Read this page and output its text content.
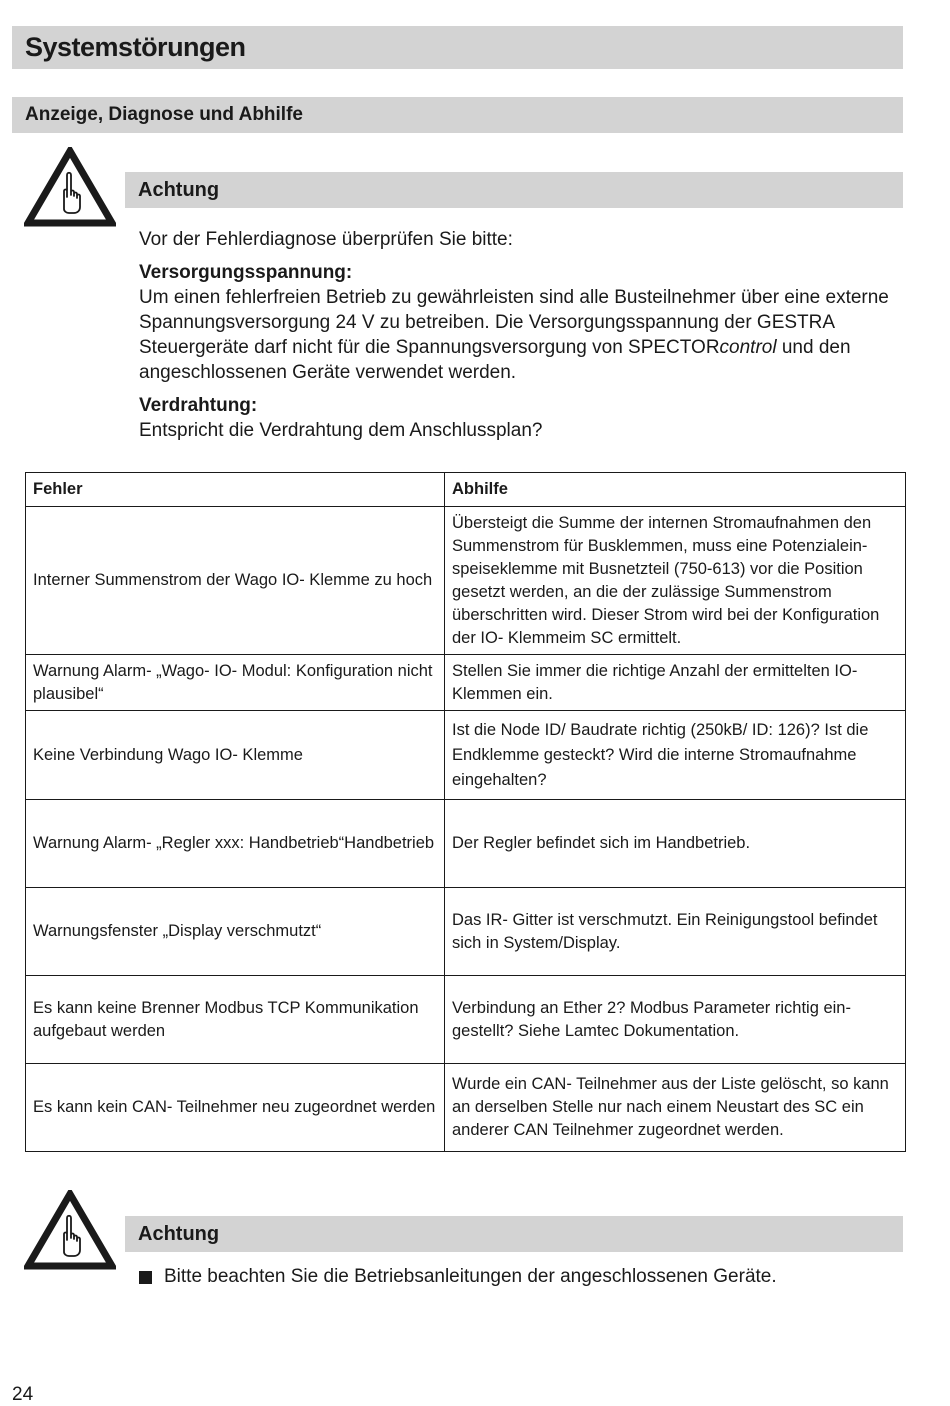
Systemstörungen
Anzeige, Diagnose und Abhilfe
Achtung

Vor der Fehlerdiagnose überprüfen Sie bitte:

Versorgungsspannung:

Um einen fehlerfreien Betrieb zu gewährleisten sind alle Busteilnehmer über eine externe Spannungsversorgung 24 V zu betreiben. Die Versorgungsspannung der GESTRA Steuergeräte darf nicht für die Spannungsversorgung von SPECTORcontrol und den angeschlossenen Geräte verwendet werden.

Verdrahtung:

Entspricht die Verdrahtung dem Anschlussplan?

Fehler	Abhilfe
Interner Summenstrom der Wago IO- Klemme zu hoch	Übersteigt die Summe der internen Stromaufnahmen den Summenstrom für Busklemmen, muss eine Potenzialein-speiseklemme mit Busnetzteil (750-613) vor die Position gesetzt werden, an die der zulässige Summenstrom überschritten wird. Dieser Strom wird bei der Konfiguration der IO- Klemmeim SC ermittelt.
Warnung Alarm- „Wago- IO- Modul: Konfiguration nicht plausibel“	Stellen Sie immer die richtige Anzahl der ermittelten IO- Klemmen ein.
Keine Verbindung Wago IO- Klemme	Ist die Node ID/ Baudrate richtig (250kB/ ID: 126)? Ist die Endklemme gesteckt? Wird die interne Stromaufnahme eingehalten?
Warnung Alarm- „Regler xxx: Handbetrieb“Handbetrieb	Der Regler befindet sich im Handbetrieb.
Warnungsfenster „Display verschmutzt“	Das IR- Gitter ist verschmutzt. Ein Reinigungstool befindet sich in System/Display.
Es kann keine Brenner Modbus TCP Kommunikation aufgebaut werden	Verbindung an Ether 2? Modbus Parameter richtig ein-gestellt? Siehe Lamtec Dokumentation.
Es kann kein CAN- Teilnehmer neu zugeordnet werden	Wurde ein CAN- Teilnehmer aus der Liste gelöscht, so kann an derselben Stelle nur nach einem Neustart des SC ein anderer CAN Teilnehmer zugeordnet werden.
Achtung
Bitte beachten Sie die Betriebsanleitungen der angeschlossenen Geräte.
24
